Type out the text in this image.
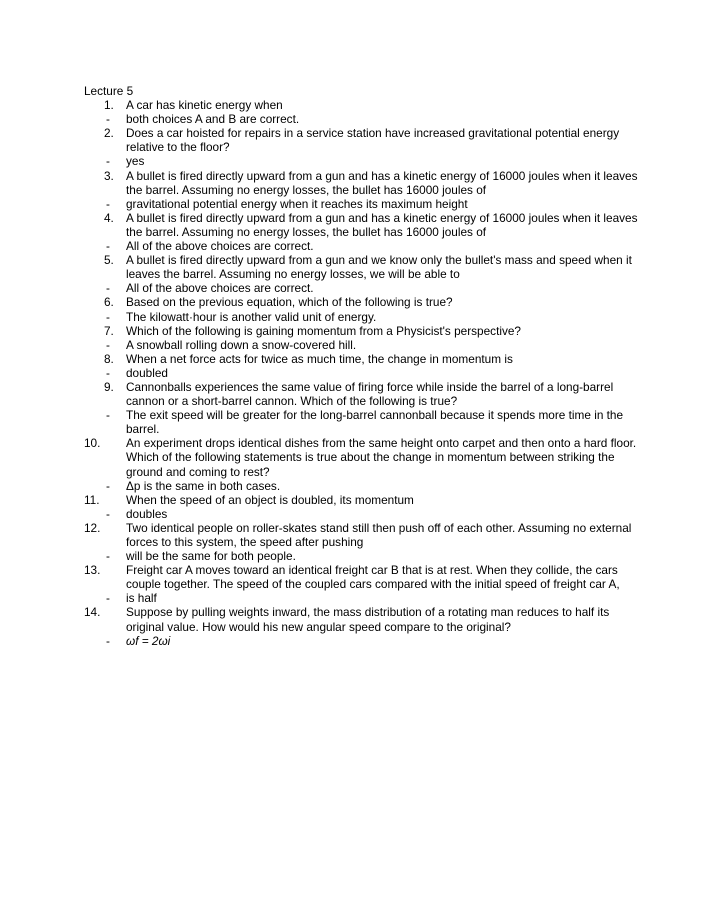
Lecture 5
1.	A car has kinetic energy when
-	both choices A and B are correct.
2.	Does a car hoisted for repairs in a service station have increased gravitational potential energy relative to the floor?
-	yes
3.	A bullet is fired directly upward from a gun and has a kinetic energy of 16000 joules when it leaves the barrel. Assuming no energy losses, the bullet has 16000 joules of
-	gravitational potential energy when it reaches its maximum height
4.	A bullet is fired directly upward from a gun and has a kinetic energy of 16000 joules when it leaves the barrel. Assuming no energy losses, the bullet has 16000 joules of
-	All of the above choices are correct.
5.	A bullet is fired directly upward from a gun and we know only the bullet's mass and speed when it leaves the barrel. Assuming no energy losses, we will be able to
-	All of the above choices are correct.
6.	Based on the previous equation, which of the following is true?
-	The kilowatt·hour is another valid unit of energy.
7.	Which of the following is gaining momentum from a Physicist's perspective?
-	A snowball rolling down a snow-covered hill.
8.	When a net force acts for twice as much time, the change in momentum is
-	doubled
9.	Cannonballs experiences the same value of firing force while inside the barrel of a long-barrel cannon or a short-barrel cannon. Which of the following is true?
-	The exit speed will be greater for the long-barrel cannonball because it spends more time in the barrel.
10.	An experiment drops identical dishes from the same height onto carpet and then onto a hard floor. Which of the following statements is true about the change in momentum between striking the ground and coming to rest?
-	Δp is the same in both cases.
11.	When the speed of an object is doubled, its momentum
-	doubles
12.	Two identical people on roller-skates stand still then push off of each other. Assuming no external forces to this system, the speed after pushing
-	will be the same for both people.
13.	Freight car A moves toward an identical freight car B that is at rest. When they collide, the cars couple together. The speed of the coupled cars compared with the initial speed of freight car A,
-	is half
14.	Suppose by pulling weights inward, the mass distribution of a rotating man reduces to half its original value. How would his new angular speed compare to the original?
-	ωf = 2ωi
